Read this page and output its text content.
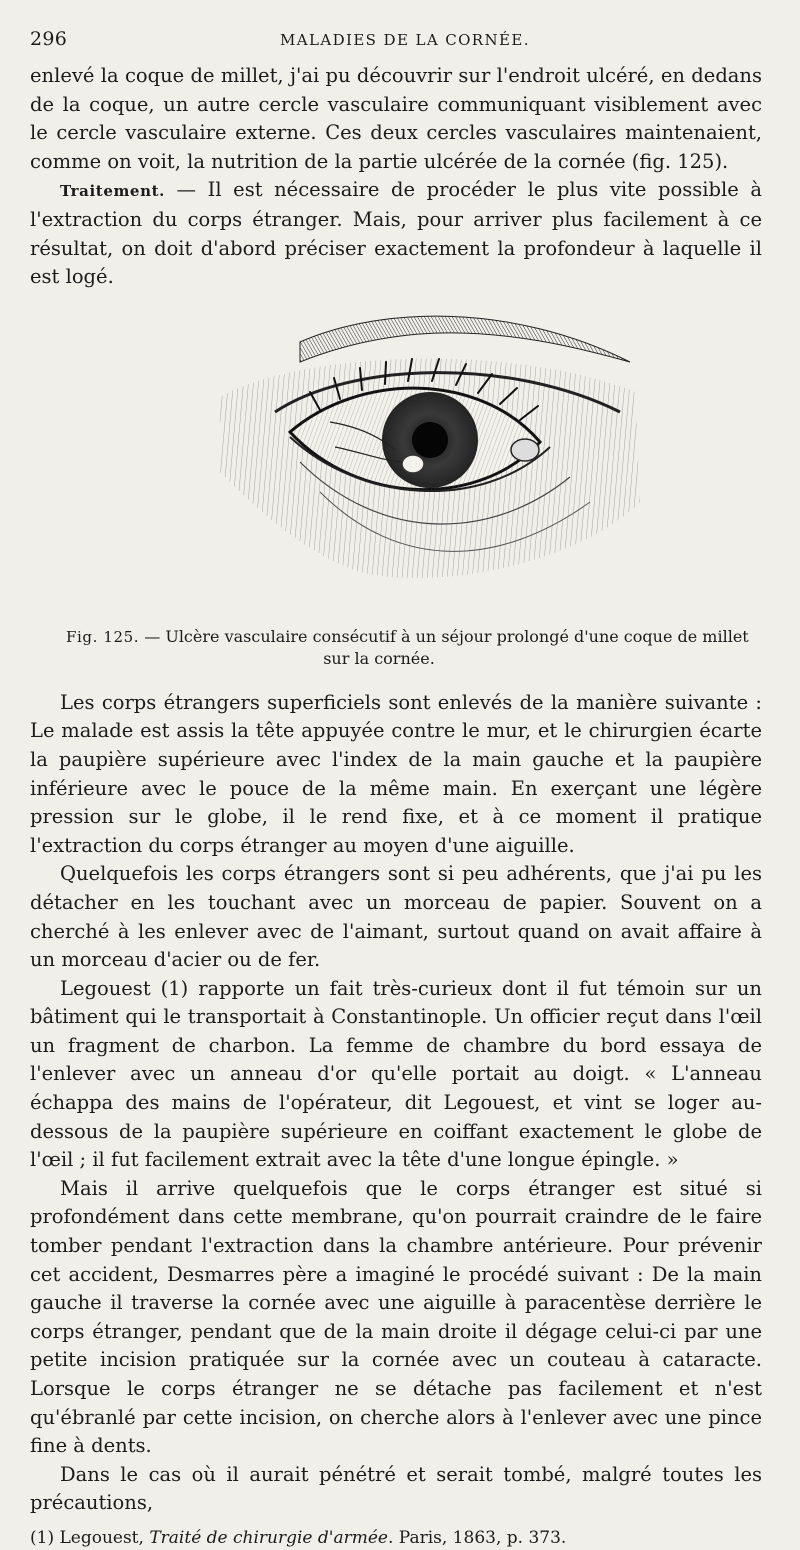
296	MALADIES DE LA CORNÉE.

enlevé la coque de millet, j'ai pu découvrir sur l'endroit ulcéré, en dedans de la coque, un autre cercle vasculaire communiquant visiblement avec le cercle vasculaire externe. Ces deux cercles vasculaires maintenaient, comme on voit, la nutrition de la partie ulcérée de la cornée (fig. 125).

Traitement. — Il est nécessaire de procéder le plus vite possible à l'extraction du corps étranger. Mais, pour arriver plus facilement à ce résultat, on doit d'abord préciser exactement la profondeur à laquelle il est logé.

Fig. 125. — Ulcère vasculaire consécutif à un séjour prolongé d'une coque de millet
sur la cornée.

Les corps étrangers superficiels sont enlevés de la manière suivante : Le malade est assis la tête appuyée contre le mur, et le chirurgien écarte la paupière supérieure avec l'index de la main gauche et la paupière inférieure avec le pouce de la même main. En exerçant une légère pression sur le globe, il le rend fixe, et à ce moment il pratique l'extraction du corps étranger au moyen d'une aiguille.

Quelquefois les corps étrangers sont si peu adhérents, que j'ai pu les détacher en les touchant avec un morceau de papier. Souvent on a cherché à les enlever avec de l'aimant, surtout quand on avait affaire à un morceau d'acier ou de fer.

Legouest (1) rapporte un fait très-curieux dont il fut témoin sur un bâtiment qui le transportait à Constantinople. Un officier reçut dans l'œil un fragment de charbon. La femme de chambre du bord essaya de l'enlever avec un anneau d'or qu'elle portait au doigt. « L'anneau échappa des mains de l'opérateur, dit Legouest, et vint se loger au-dessous de la paupière supérieure en coiffant exactement le globe de l'œil ; il fut facilement extrait avec la tête d'une longue épingle. »

Mais il arrive quelquefois que le corps étranger est situé si profondément dans cette membrane, qu'on pourrait craindre de le faire tomber pendant l'extraction dans la chambre antérieure. Pour prévenir cet accident, Desmarres père a imaginé le procédé suivant : De la main gauche il traverse la cornée avec une aiguille à paracentèse derrière le corps étranger, pendant que de la main droite il dégage celui-ci par une petite incision pratiquée sur la cornée avec un couteau à cataracte. Lorsque le corps étranger ne se détache pas facilement et n'est qu'ébranlé par cette incision, on cherche alors à l'enlever avec une pince fine à dents.

Dans le cas où il aurait pénétré et serait tombé, malgré toutes les précautions,

(1) Legouest, Traité de chirurgie d'armée. Paris, 1863, p. 373.
